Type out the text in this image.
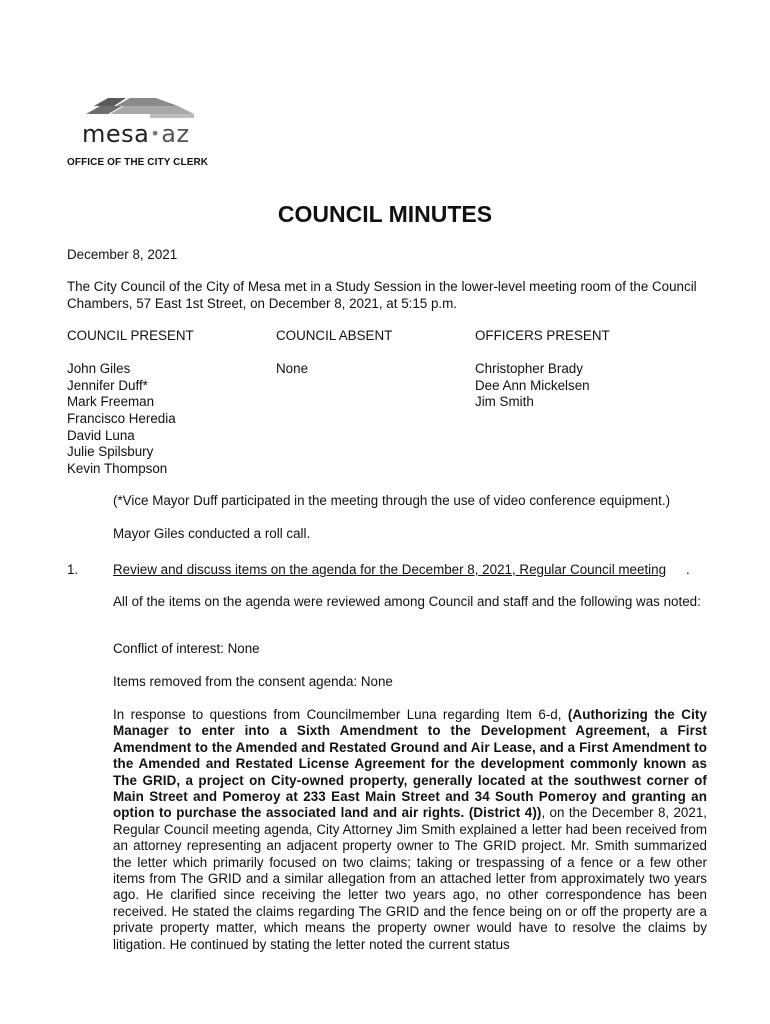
mesa•az
OFFICE OF THE CITY CLERK
COUNCIL MINUTES
December 8, 2021
The City Council of the City of Mesa met in a Study Session in the lower-level meeting room of the Council Chambers, 57 East 1st Street, on December 8, 2021, at 5:15 p.m.
COUNCIL PRESENT
John Giles
Jennifer Duff*
Mark Freeman
Francisco Heredia
David Luna
Julie Spilsbury
Kevin Thompson
COUNCIL ABSENT
None
OFFICERS PRESENT
Christopher Brady
Dee Ann Mickelsen
Jim Smith
(*Vice Mayor Duff participated in the meeting through the use of video conference equipment.)
Mayor Giles conducted a roll call.
1.	Review and discuss items on the agenda for the December 8, 2021, Regular Council meeting .
All of the items on the agenda were reviewed among Council and staff and the following was noted:
Conflict of interest: None
Items removed from the consent agenda: None
In response to questions from Councilmember Luna regarding Item 6-d, (Authorizing the City Manager to enter into a Sixth Amendment to the Development Agreement, a First Amendment to the Amended and Restated Ground and Air Lease, and a First Amendment to the Amended and Restated License Agreement for the development commonly known as The GRID, a project on City-owned property, generally located at the southwest corner of Main Street and Pomeroy at 233 East Main Street and 34 South Pomeroy and granting an option to purchase the associated land and air rights. (District 4)), on the December 8, 2021, Regular Council meeting agenda, City Attorney Jim Smith explained a letter had been received from an attorney representing an adjacent property owner to The GRID project. Mr. Smith summarized the letter which primarily focused on two claims; taking or trespassing of a fence or a few other items from The GRID and a similar allegation from an attached letter from approximately two years ago. He clarified since receiving the letter two years ago, no other correspondence has been received. He stated the claims regarding The GRID and the fence being on or off the property are a private property matter, which means the property owner would have to resolve the claims by litigation. He continued by stating the letter noted the current status
